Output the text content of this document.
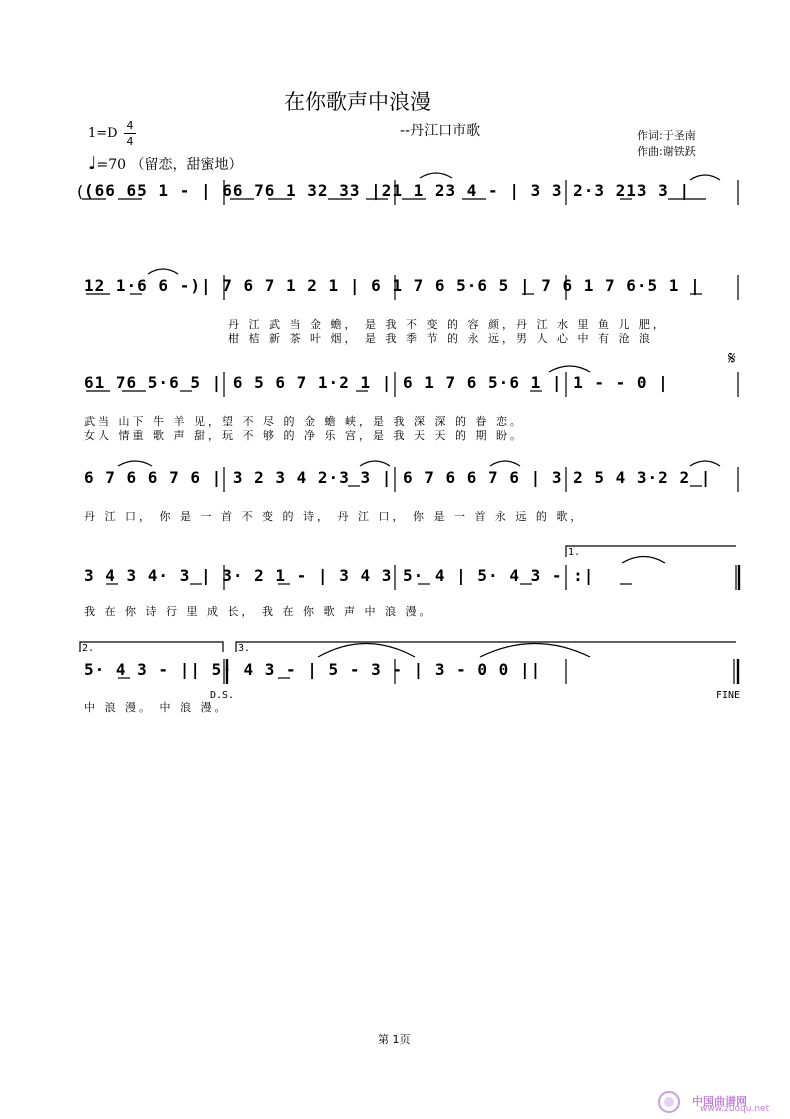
在你歌声中浪漫
--丹江口市歌
1=D
4
4
♩=70 （留恋，甜蜜地）
作词:于圣南
作曲:谢铁跃
( (66 65 1 - | 66 76 1 32 33 |21 1 23 4 - | 3 3 2·3 213 3 |
12 1·6 6 -)| 7 6 7 1 2 1 | 6 1 7 6 5·6 5 | 7 6 1 7 6·5 1 |
丹 江 武 当 金 蟾， 是 我 不 变 的 容 颜，丹 江 水 里 鱼 儿 肥，
柑 桔 新 茶 叶 烟， 是 我 季 节 的 永 远，男 人 心 中 有 沧 浪
61 76 5·6 5 | 6 5 6 7 1·2 1 | 6 1 7 6 5·6 1 | 1 - - 0 |
武当 山下 牛 羊 见，望 不 尽 的 金 蟾 峡，是 我 深 深 的 眷 恋。
女人 情重 歌 声 甜，玩 不 够 的 净 乐 宫，是 我 天 天 的 期 盼。
6 7 6 6 7 6 | 3 2 3 4 2·3 3 | 6 7 6 6 7 6 | 3 2 5 4 3·2 2 |
丹 江 口， 你 是 一 首 不 变 的 诗， 丹 江 口， 你 是 一 首 永 远 的 歌，
3 4 3 4· 3 | 3· 2 1 - | 3 4 3 5· 4 | 5· 4 3 - :|
我 在 你 诗 行 里 成 长， 我 在 你 歌 声 中 浪 漫。
5· 4 3 - || 5· 4 3 - | 5 - 3 - | 3 - 0 0 ||
中 浪 漫。 中 浪 漫。
𝄋
1.
2.	3.
D.S.	FINE
第 1页
中国曲谱网
www.zuoqu.net
